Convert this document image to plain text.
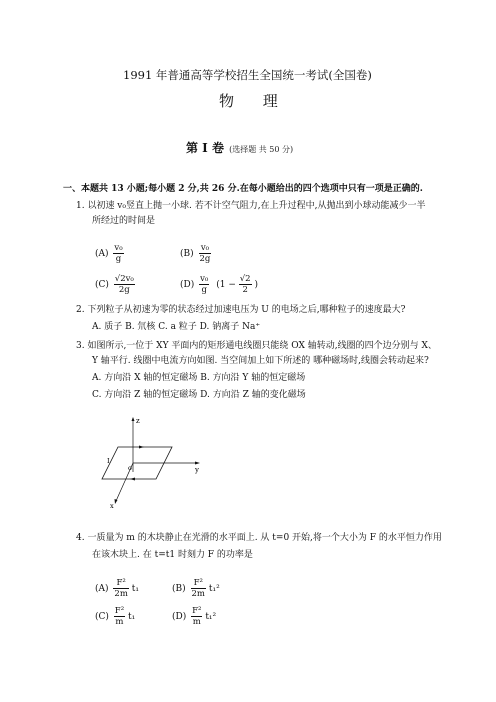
1991 年普通高等学校招生全国统一考试(全国卷)
物 理
第 I 卷 (选择题 共 50 分)
一、本题共 13 小题;每小题 2 分,共 26 分.在每小题给出的四个选项中只有一项是正确的.
1. 以初速 v₀竖直上抛一小球. 若不计空气阻力,在上升过程中,从抛出到小球动能减少一半
所经过的时间是
$(A) \frac{\text{v₀}}{g}$	$(B) \frac{\text{v₀}}{2g}$
$(C) \frac{\text{√2v₀}}{2g}$	$(D) \frac{\text{v₀}}{g} (1 - \frac{√2}{2}$ )
2. 下列粒子从初速为零的状态经过加速电压为 U 的电场之后,哪种粒子的速度最大?
A. 质子 B. 氘核 C. a 粒子 D. 钠离子 Na⁺
3. 如图所示,一位于 XY 平面内的矩形通电线圈只能绕 OX 轴转动,线圈的四个边分别与 X、
Y 轴平行. 线圈中电流方向如图. 当空间加上如下所述的 哪种磁场时,线圈会转动起来?
A. 方向沿 X 轴的恒定磁场 B. 方向沿 Y 轴的恒定磁场
C. 方向沿 Z 轴的恒定磁场 D. 方向沿 Z 轴的变化磁场
z
y
x
o
I
4. 一质量为 m 的木块静止在光滑的水平面上. 从 t=0 开始,将一个大小为 F 的水平恒力作用
在该木块上. 在 t=t1 时刻力 F 的功率是
$(A) \frac{\text{F²}}{2m} t_1$	$(B) \frac{\text{F²}}{2m} t_1^2$
$(C) \frac{\text{F²}}{m} t_1$	$(D) \frac{\text{F²}}{m} t_1^2$
